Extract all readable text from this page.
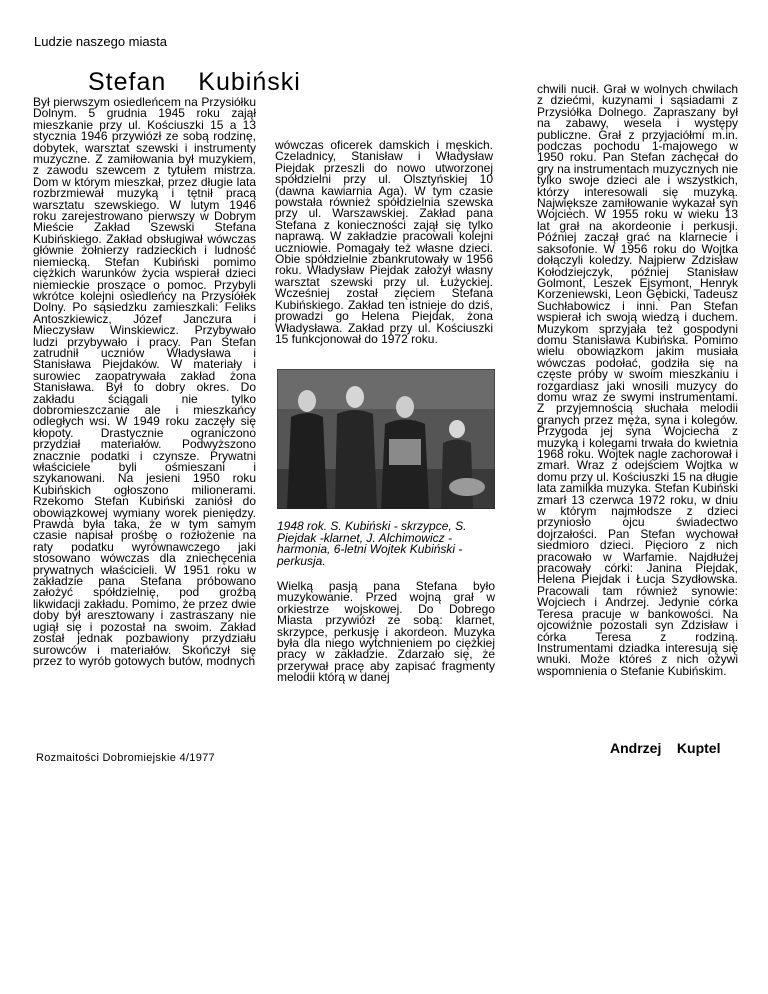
Ludzie naszego miasta
Stefan Kubiński

Był pierwszym osiedleńcem na Przysiółku Dolnym. 5 grudnia 1945 roku zajął mieszkanie przy ul. Kościuszki 15 a 13 stycznia 1946 przywiózł ze sobą rodzinę, dobytek, warsztat szewski i instrumenty muzyczne. Z zamiłowania był muzykiem, z zawodu szewcem z tytułem mistrza. Dom w którym mieszkał, przez długie lata rozbrzmiewał muzyką i tętnił pracą warsztatu szewskiego. W lutym 1946 roku zarejestrowano pierwszy w Dobrym Mieście Zakład Szewski Stefana Kubińskiego. Zakład obsługiwał wówczas głównie żołnierzy radzieckich i ludność niemiecką. Stefan Kubiński pomimo ciężkich warunków życia wspierał dzieci niemieckie proszące o pomoc. Przybyli wkrótce kolejni osiedleńcy na Przysiółek Dolny. Po sąsiedzku zamieszkali: Feliks Antoszkiewicz, Józef Janczura i Mieczysław Winskiewicz. Przybywało ludzi przybywało i pracy. Pan Stefan zatrudnił uczniów Władysława i Stanisława Piejdaków. W materiały i surowiec zaopatrywała zakład żona Stanisława. Był to dobry okres. Do zakładu ściągali nie tylko dobromieszczanie ale i mieszkańcy odległych wsi. W 1949 roku zaczęły się kłopoty. Drastycznie ograniczono przydział materiałów. Podwyższono znacznie podatki i czynsze. Prywatni właściciele byli ośmieszani i szykanowani. Na jesieni 1950 roku Kubińskich ogłoszono milionerami. Rzekomo Stefan Kubiński zaniósł do obowiązkowej wymiany worek pieniędzy. Prawda była taka, że w tym samym czasie napisał prośbę o rozłożenie na raty podatku wyrównawczego jaki stosowano wówczas dla zniechęcenia prywatnych właścicieli. W 1951 roku w zakładzie pana Stefana próbowano założyć spółdzielnię, pod groźbą likwidacji zakładu. Pomimo, że przez dwie doby był aresztowany i zastraszany nie ugiął się i pozostał na swoim. Zakład został jednak pozbawiony przydziału surowców i materiałów. Skończył się przez to wyrób gotowych butów, modnych

wówczas oficerek damskich i męskich. Czeladnicy, Stanisław i Władysław Piejdak przeszli do nowo utworzonej spółdzielni przy ul. Olsztyńskiej 10 (dawna kawiarnia Aga). W tym czasie powstała również spółdzielnia szewska przy ul. Warszawskiej. Zakład pana Stefana z konieczności zajął się tylko naprawą. W zakładzie pracowali kolejni uczniowie. Pomagały też własne dzieci. Obie spółdzielnie zbankrutowały w 1956 roku. Władysław Piejdak założył własny warsztat szewski przy ul. Łużyckiej. Wcześniej został zięciem Stefana Kubińskiego. Zakład ten istnieje do dziś, prowadzi go Helena Piejdak, żona Władysława. Zakład przy ul. Kościuszki 15 funkcjonował do 1972 roku.

1948 rok. S. Kubiński - skrzypce, S. Piejdak -klarnet, J. Alchimowicz - harmonia, 6-letni Wojtek Kubiński - perkusja.

Wielką pasją pana Stefana było muzykowanie. Przed wojną grał w orkiestrze wojskowej. Do Dobrego Miasta przywiózł ze sobą: klarnet, skrzypce, perkusję i akordeon. Muzyka była dla niego wytchnieniem po ciężkiej pracy w zakładzie. Zdarzało się, że przerywał pracę aby zapisać fragmenty melodii którą w danej

chwili nucił. Grał w wolnych chwilach z dziećmi, kuzynami i sąsiadami z Przysiółka Dolnego. Zapraszany był na zabawy, wesela i występy publiczne. Grał z przyjaciółmi m.in. podczas pochodu 1-majowego w 1950 roku. Pan Stefan zachęcał do gry na instrumentach muzycznych nie tylko swoje dzieci ale i wszystkich, którzy interesowali się muzyką. Największe zamiłowanie wykazał syn Wojciech. W 1955 roku w wieku 13 lat grał na akordeonie i perkusji. Później zaczął grać na klarnecie i saksofonie. W 1956 roku do Wojtka dołączyli koledzy. Najpierw Zdzisław Kołodziejczyk, później Stanisław Golmont, Leszek Ejsymont, Henryk Korzeniewski, Leon Gębicki, Tadeusz Suchłabowicz i inni. Pan Stefan wspierał ich swoją wiedzą i duchem. Muzykom sprzyjała też gospodyni domu Stanisława Kubińska. Pomimo wielu obowiązkom jakim musiała wówczas podołać, godziła się na częste próby w swoim mieszkaniu i rozgardiasz jaki wnosili muzycy do domu wraz ze swymi instrumentami. Z przyjemnością słuchała melodii granych przez męża, syna i kolegów. Przygoda jej syna Wojciecha z muzyką i kolegami trwała do kwietnia 1968 roku. Wojtek nagle zachorował i zmarł. Wraz z odejściem Wojtka w domu przy ul. Kościuszki 15 na długie lata zamilkła muzyka. Stefan Kubiński zmarł 13 czerwca 1972 roku, w dniu w którym najmłodsze z dzieci przyniosło ojcu świadectwo dojrzałości. Pan Stefan wychował siedmioro dzieci. Pięcioro z nich pracowało w Warfamie. Najdłużej pracowały córki: Janina Piejdak, Helena Piejdak i Łucja Szydłowska. Pracowali tam również synowie: Wojciech i Andrzej. Jedynie córka Teresa pracuje w bankowości. Na ojcowiźnie pozostali syn Zdzisław i córka Teresa z rodziną. Instrumentami dziadka interesują się wnuki. Może któreś z nich ożywi wspomnienia o Stefanie Kubińskim.

Andrzej Kuptel
Rozmaitości Dobromiejskie 4/1977
